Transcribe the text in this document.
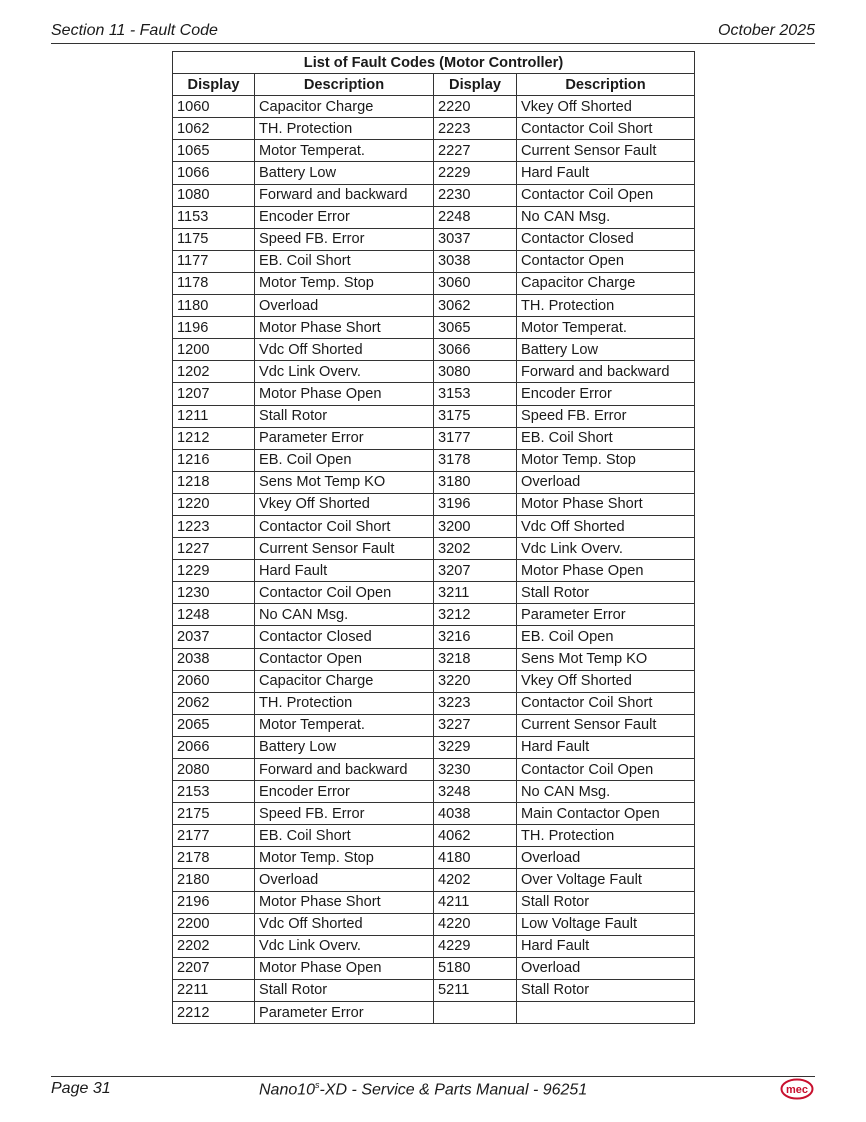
Section 11 - Fault Code	October 2025
List of Fault Codes (Motor Controller)			
Display	Description	Display	Description
1060	Capacitor Charge	2220	Vkey Off Shorted
1062	TH. Protection	2223	Contactor Coil Short
1065	Motor Temperat.	2227	Current Sensor Fault
1066	Battery Low	2229	Hard Fault
1080	Forward and backward	2230	Contactor Coil Open
1153	Encoder Error	2248	No CAN Msg.
1175	Speed FB. Error	3037	Contactor Closed
1177	EB. Coil Short	3038	Contactor Open
1178	Motor Temp. Stop	3060	Capacitor Charge
1180	Overload	3062	TH. Protection
1196	Motor Phase Short	3065	Motor Temperat.
1200	Vdc Off Shorted	3066	Battery Low
1202	Vdc Link Overv.	3080	Forward and backward
1207	Motor Phase Open	3153	Encoder Error
1211	Stall Rotor	3175	Speed FB. Error
1212	Parameter Error	3177	EB. Coil Short
1216	EB. Coil Open	3178	Motor Temp. Stop
1218	Sens Mot Temp KO	3180	Overload
1220	Vkey Off Shorted	3196	Motor Phase Short
1223	Contactor Coil Short	3200	Vdc Off Shorted
1227	Current Sensor Fault	3202	Vdc Link Overv.
1229	Hard Fault	3207	Motor Phase Open
1230	Contactor Coil Open	3211	Stall Rotor
1248	No CAN Msg.	3212	Parameter Error
2037	Contactor Closed	3216	EB. Coil Open
2038	Contactor Open	3218	Sens Mot Temp KO
2060	Capacitor Charge	3220	Vkey Off Shorted
2062	TH. Protection	3223	Contactor Coil Short
2065	Motor Temperat.	3227	Current Sensor Fault
2066	Battery Low	3229	Hard Fault
2080	Forward and backward	3230	Contactor Coil Open
2153	Encoder Error	3248	No CAN Msg.
2175	Speed FB. Error	4038	Main Contactor Open
2177	EB. Coil Short	4062	TH. Protection
2178	Motor Temp. Stop	4180	Overload
2180	Overload	4202	Over Voltage Fault
2196	Motor Phase Short	4211	Stall Rotor
2200	Vdc Off Shorted	4220	Low Voltage Fault
2202	Vdc Link Overv.	4229	Hard Fault
2207	Motor Phase Open	5180	Overload
2211	Stall Rotor	5211	Stall Rotor
2212	Parameter Error		
Page 31	Nano10$^s$-XD - Service & Parts Manual - 96251	mec
